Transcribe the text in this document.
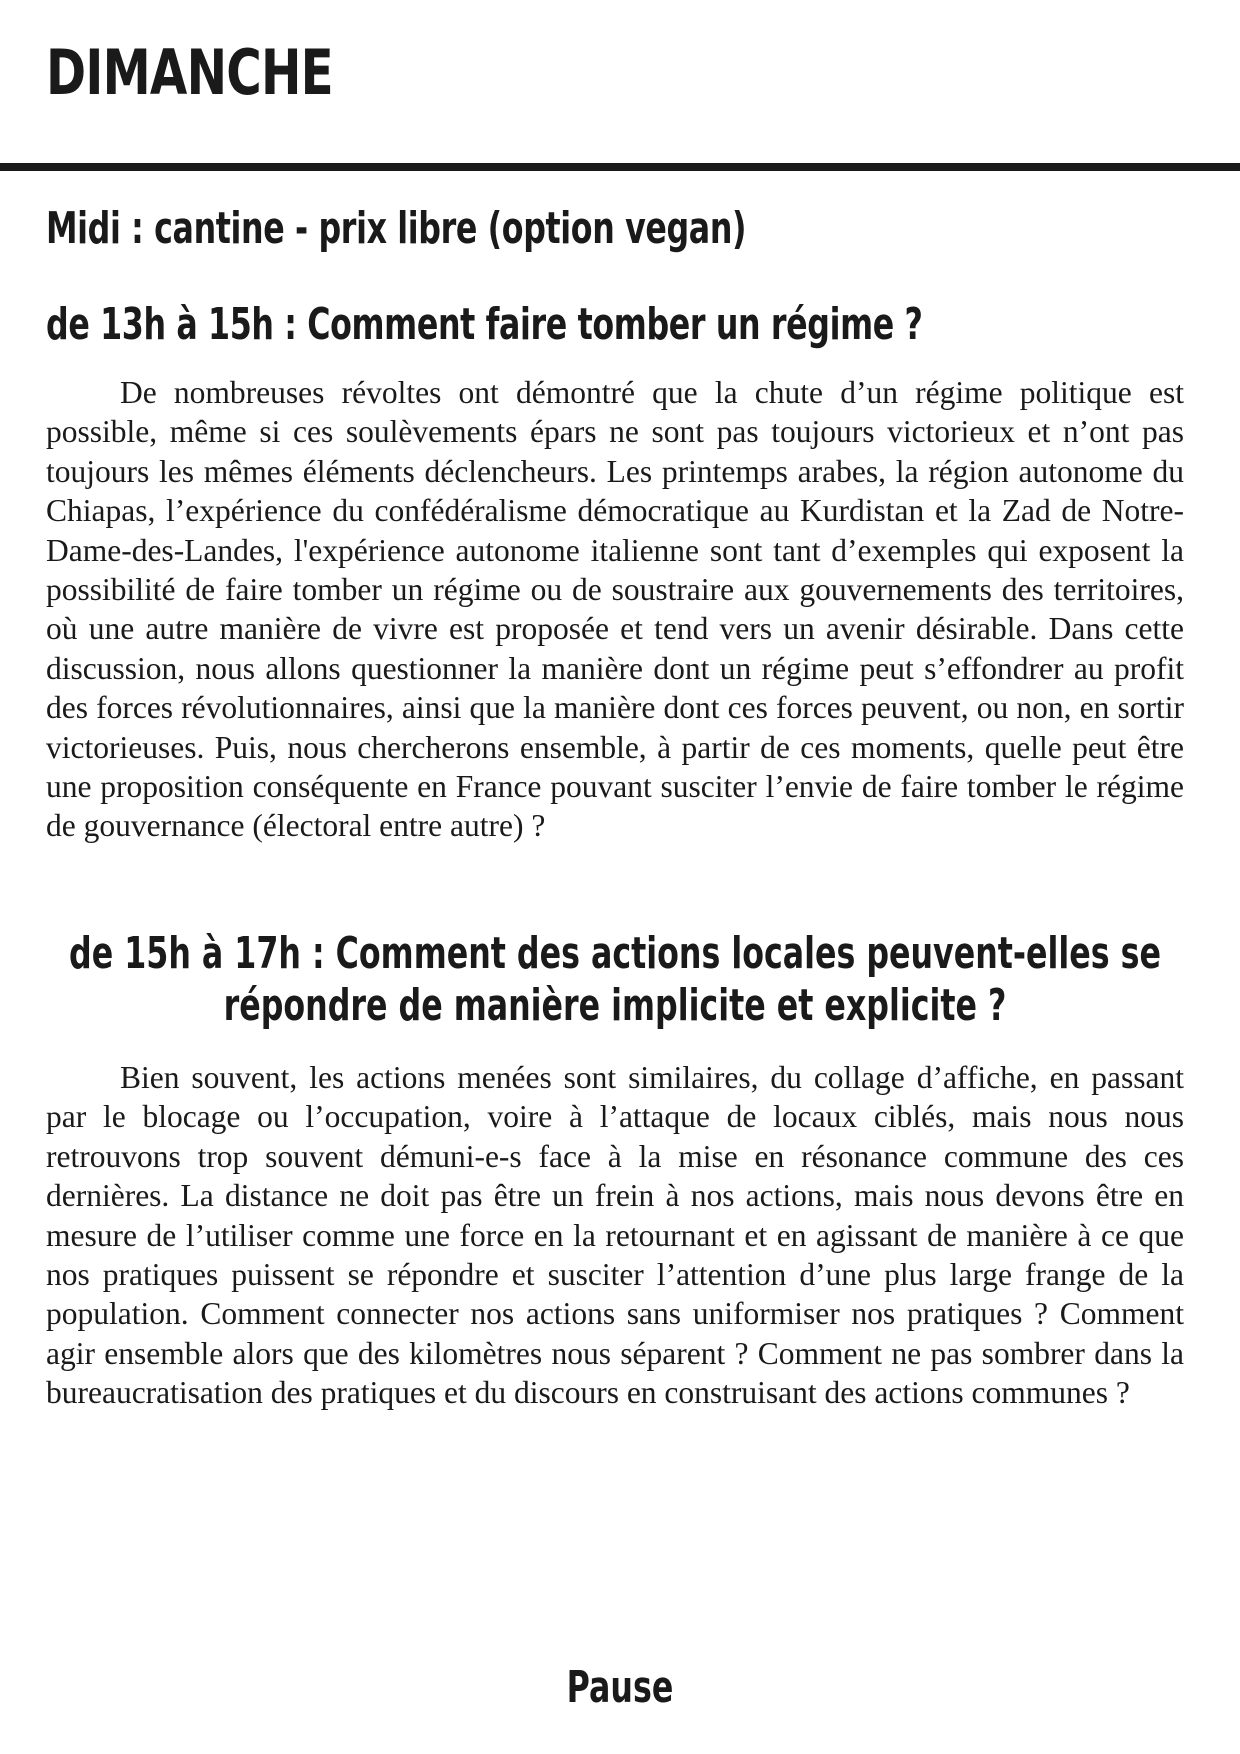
DIMANCHE
Midi : cantine - prix libre (option vegan)
de 13h à 15h : Comment faire tomber un régime ?

De nombreuses révoltes ont démontré que la chute d’un régime politique est possible, même si ces soulèvements épars ne sont pas toujours victorieux et n’ont pas toujours les mêmes éléments déclencheurs. Les printemps arabes, la région autonome du Chiapas, l’expérience du confédéralisme démocratique au Kurdistan et la Zad de Notre-Dame-des-Landes, l'expérience autonome italienne sont tant d’exemples qui exposent la possibilité de faire tomber un régime ou de soustraire aux gouvernements des territoires, où une autre manière de vivre est proposée et tend vers un avenir désirable. Dans cette discussion, nous allons questionner la manière dont un régime peut s’effondrer au profit des forces révolutionnaires, ainsi que la manière dont ces forces peuvent, ou non, en sortir victorieuses. Puis, nous chercherons ensemble, à partir de ces moments, quelle peut être une proposition conséquente en France pouvant susciter l’envie de faire tomber le régime de gouvernance (électoral entre autre) ?

de 15h à 17h : Comment des actions locales peuvent-elles se répondre de manière implicite et explicite ?

Bien souvent, les actions menées sont similaires, du collage d’affiche, en passant par le blocage ou l’occupation, voire à l’attaque de locaux ciblés, mais nous nous retrouvons trop souvent démuni-e-s face à la mise en résonance commune des ces dernières. La distance ne doit pas être un frein à nos actions, mais nous devons être en mesure de l’utiliser comme une force en la retournant et en agissant de manière à ce que nos pratiques puissent se répondre et susciter l’attention d’une plus large frange de la population. Comment connecter nos actions sans uniformiser nos pratiques ? Comment agir ensemble alors que des kilomètres nous séparent ? Comment ne pas sombrer dans la bureaucratisation des pratiques et du discours en construisant des actions communes ?

Pause
